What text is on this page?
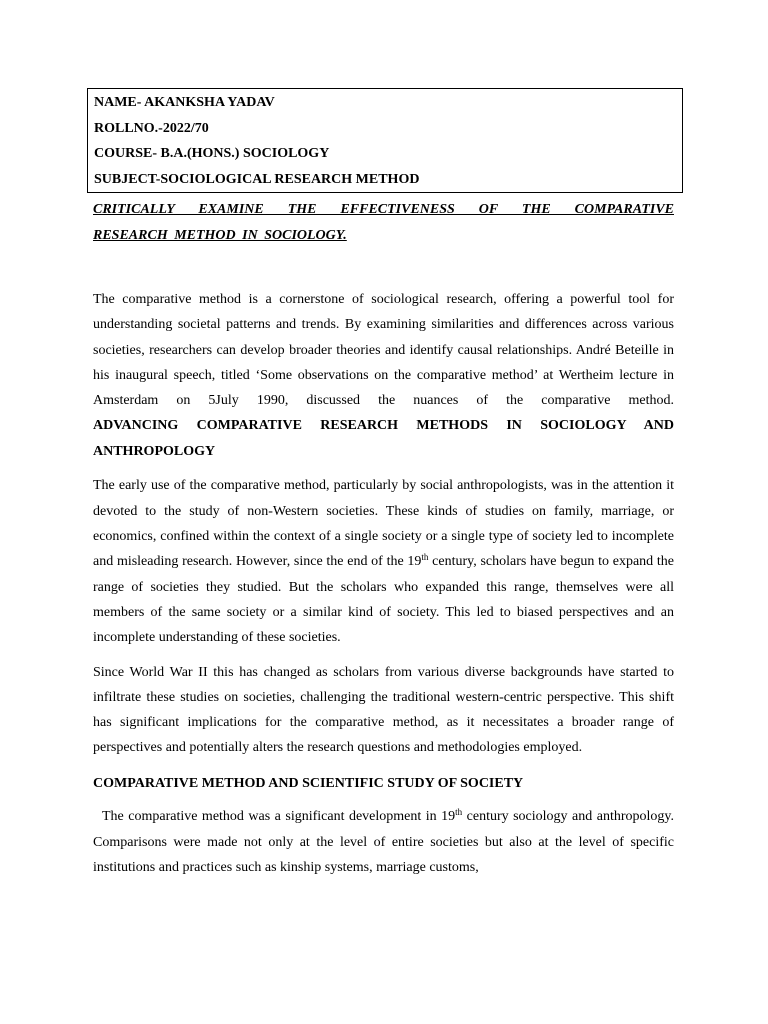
NAME- AKANKSHA YADAV
ROLLNO.-2022/70
COURSE- B.A.(HONS.) SOCIOLOGY
SUBJECT-SOCIOLOGICAL RESEARCH METHOD
CRITICALLY EXAMINE THE EFFECTIVENESS OF THE COMPARATIVE
RESEARCH METHOD IN SOCIOLOGY.

The comparative method is a cornerstone of sociological research, offering a powerful tool for understanding societal patterns and trends. By examining similarities and differences across various societies, researchers can develop broader theories and identify causal relationships. André Beteille in his inaugural speech, titled ‘Some observations on the comparative method’ at Wertheim lecture in Amsterdam on 5July 1990, discussed the nuances of the comparative method.

ADVANCING COMPARATIVE RESEARCH METHODS IN SOCIOLOGY AND
ANTHROPOLOGY

The early use of the comparative method, particularly by social anthropologists, was in the attention it devoted to the study of non-Western societies. These kinds of studies on family, marriage, or economics, confined within the context of a single society or a single type of society led to incomplete and misleading research. However, since the end of the 19th century, scholars have begun to expand the range of societies they studied. But the scholars who expanded this range, themselves were all members of the same society or a similar kind of society. This led to biased perspectives and an incomplete understanding of these societies.

Since World War II this has changed as scholars from various diverse backgrounds have started to infiltrate these studies on societies, challenging the traditional western-centric perspective. This shift has significant implications for the comparative method, as it necessitates a broader range of perspectives and potentially alters the research questions and methodologies employed.

COMPARATIVE METHOD AND SCIENTIFIC STUDY OF SOCIETY

The comparative method was a significant development in 19th century sociology and anthropology. Comparisons were made not only at the level of entire societies but also at the level of specific institutions and practices such as kinship systems, marriage customs,
